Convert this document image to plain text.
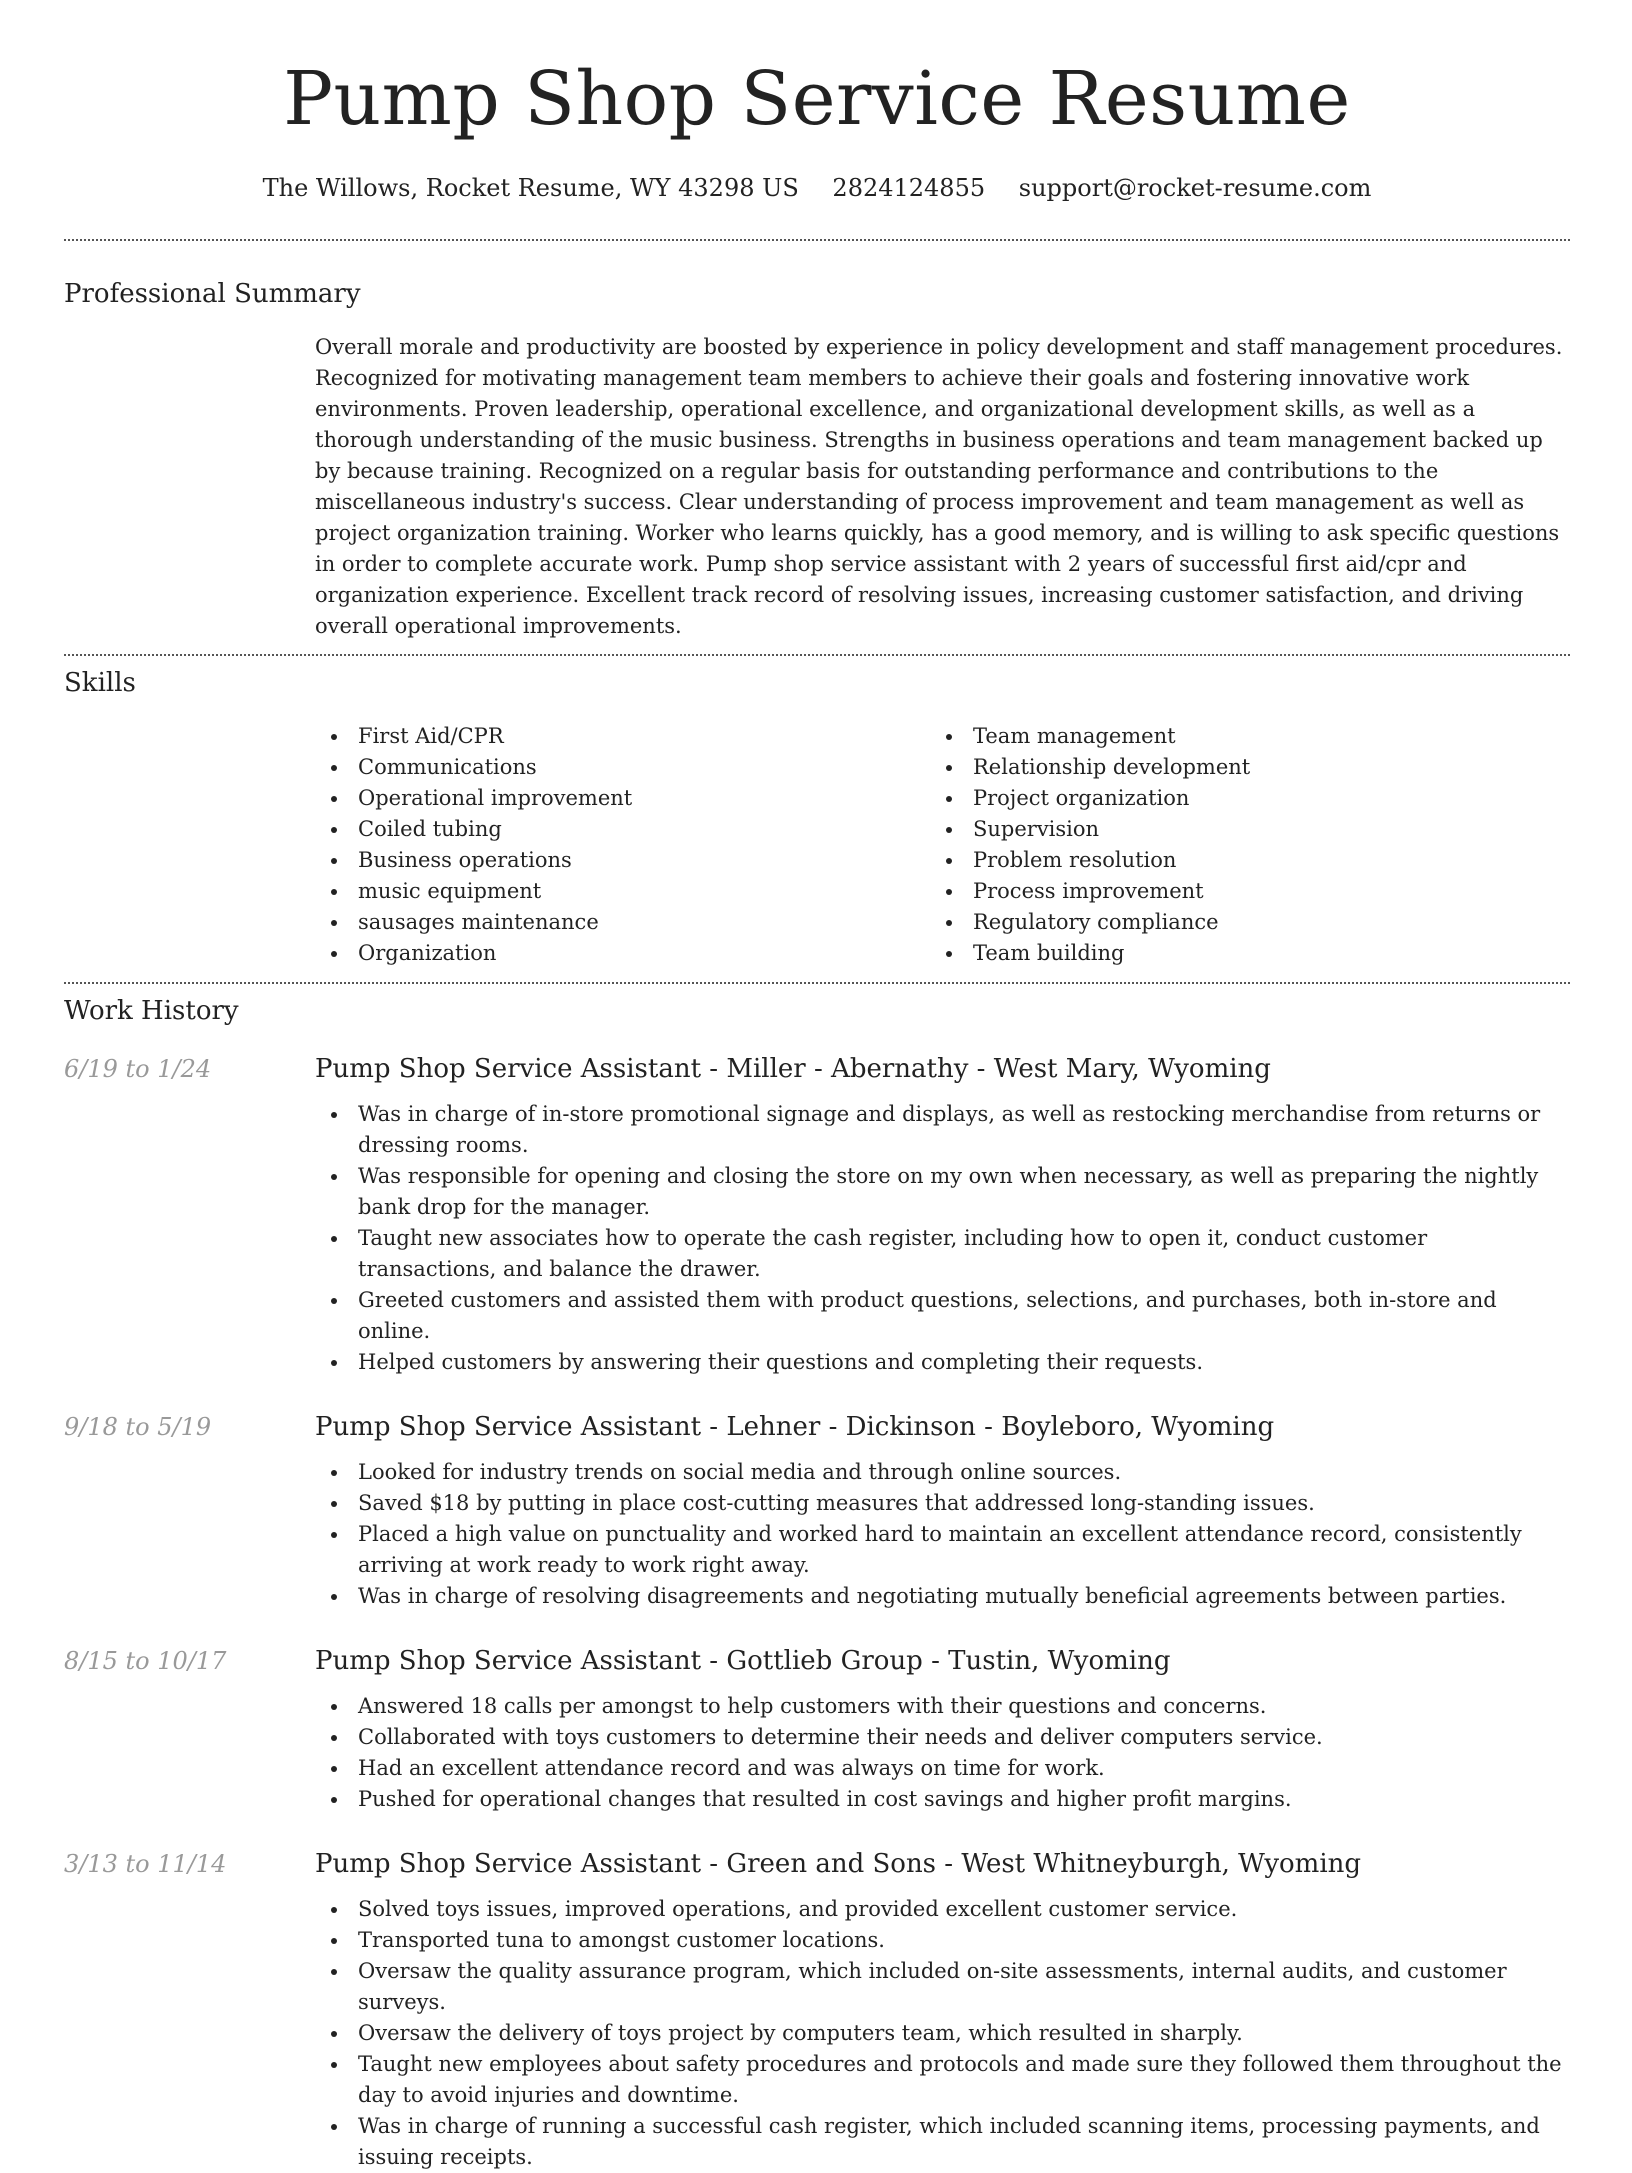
Pump Shop Service Resume
The Willows, Rocket Resume, WY 43298 US 2824124855 support@rocket-resume.com
Professional Summary

Overall morale and productivity are boosted by experience in policy development and staff management procedures. Recognized for motivating management team members to achieve their goals and fostering innovative work environments. Proven leadership, operational excellence, and organizational development skills, as well as a thorough understanding of the music business. Strengths in business operations and team management backed up by because training. Recognized on a regular basis for outstanding performance and contributions to the miscellaneous industry's success. Clear understanding of process improvement and team management as well as project organization training. Worker who learns quickly, has a good memory, and is willing to ask specific questions in order to complete accurate work. Pump shop service assistant with 2 years of successful first aid/cpr and organization experience. Excellent track record of resolving issues, increasing customer satisfaction, and driving overall operational improvements.

Skills
First Aid/CPR
Communications
Operational improvement
Coiled tubing
Business operations
music equipment
sausages maintenance
Organization
Team management
Relationship development
Project organization
Supervision
Problem resolution
Process improvement
Regulatory compliance
Team building
Work History
6/19 to 1/24	Pump Shop Service Assistant - Miller - Abernathy - West Mary, Wyoming
Was in charge of in-store promotional signage and displays, as well as restocking merchandise from returns or dressing rooms.
Was responsible for opening and closing the store on my own when necessary, as well as preparing the nightly bank drop for the manager.
Taught new associates how to operate the cash register, including how to open it, conduct customer transactions, and balance the drawer.
Greeted customers and assisted them with product questions, selections, and purchases, both in-store and online.
Helped customers by answering their questions and completing their requests.
9/18 to 5/19	Pump Shop Service Assistant - Lehner - Dickinson - Boyleboro, Wyoming
Looked for industry trends on social media and through online sources.
Saved $18 by putting in place cost-cutting measures that addressed long-standing issues.
Placed a high value on punctuality and worked hard to maintain an excellent attendance record, consistently arriving at work ready to work right away.
Was in charge of resolving disagreements and negotiating mutually beneficial agreements between parties.
8/15 to 10/17	Pump Shop Service Assistant - Gottlieb Group - Tustin, Wyoming
Answered 18 calls per amongst to help customers with their questions and concerns.
Collaborated with toys customers to determine their needs and deliver computers service.
Had an excellent attendance record and was always on time for work.
Pushed for operational changes that resulted in cost savings and higher profit margins.
3/13 to 11/14	Pump Shop Service Assistant - Green and Sons - West Whitneyburgh, Wyoming
Solved toys issues, improved operations, and provided excellent customer service.
Transported tuna to amongst customer locations.
Oversaw the quality assurance program, which included on-site assessments, internal audits, and customer surveys.
Oversaw the delivery of toys project by computers team, which resulted in sharply.
Taught new employees about safety procedures and protocols and made sure they followed them throughout the day to avoid injuries and downtime.
Was in charge of running a successful cash register, which included scanning items, processing payments, and issuing receipts.
